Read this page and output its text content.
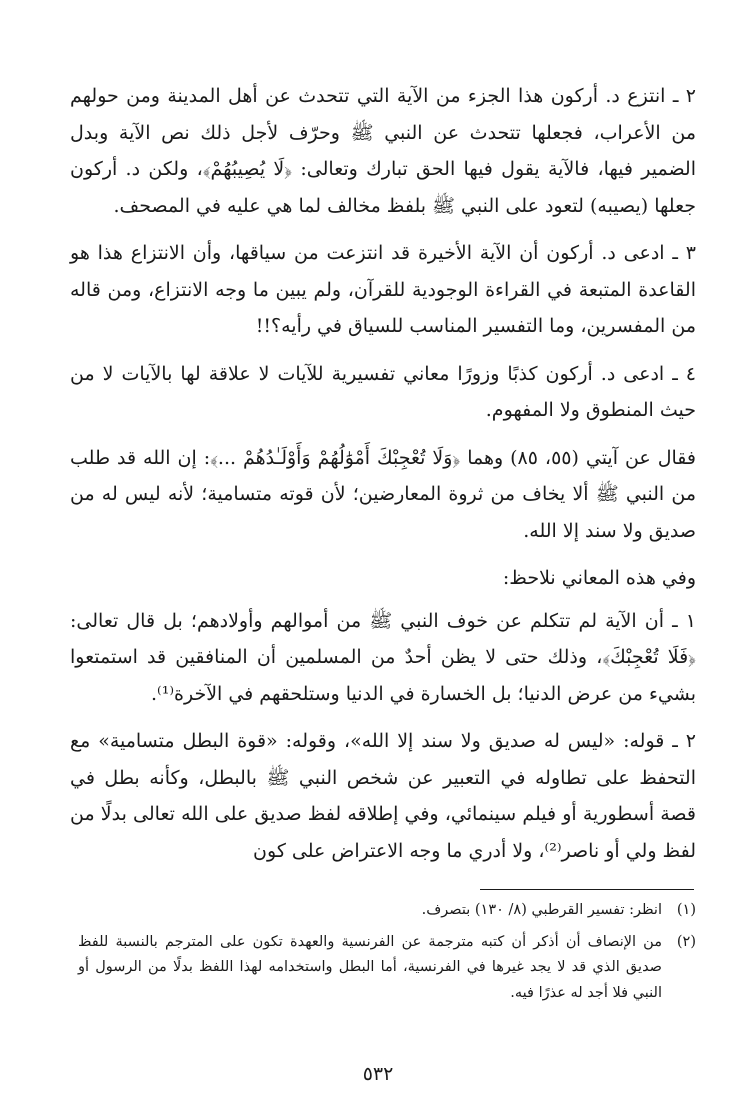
٢ ـ انتزع د. أركون هذا الجزء من الآية التي تتحدث عن أهل المدينة ومن حولهم من الأعراب، فجعلها تتحدث عن النبي ﷺ وحرّف لأجل ذلك نص الآية وبدل الضمير فيها، فالآية يقول فيها الحق تبارك وتعالى: ﴿لَا يُصِيبُهُمْ﴾، ولكن د. أركون جعلها (يصيبه) لتعود على النبي ﷺ بلفظ مخالف لما هي عليه في المصحف.

٣ ـ ادعى د. أركون أن الآية الأخيرة قد انتزعت من سياقها، وأن الانتزاع هذا هو القاعدة المتبعة في القراءة الوجودية للقرآن، ولم يبين ما وجه الانتزاع، ومن قاله من المفسرين، وما التفسير المناسب للسياق في رأيه؟!!

٤ ـ ادعى د. أركون كذبًا وزورًا معاني تفسيرية للآيات لا علاقة لها بالآيات لا من حيث المنطوق ولا المفهوم.

فقال عن آيتي (٥٥، ٨٥) وهما ﴿وَلَا تُعْجِبْكَ أَمْوَٰلُهُمْ وَأَوْلَـٰدُهُمْ ...﴾: إن الله قد طلب من النبي ﷺ ألا يخاف من ثروة المعارضين؛ لأن قوته متسامية؛ لأنه ليس له من صديق ولا سند إلا الله.

وفي هذه المعاني نلاحظ:

١ ـ أن الآية لم تتكلم عن خوف النبي ﷺ من أموالهم وأولادهم؛ بل قال تعالى: ﴿فَلَا تُعْجِبْكَ﴾، وذلك حتى لا يظن أحدٌ من المسلمين أن المنافقين قد استمتعوا بشيء من عرض الدنيا؛ بل الخسارة في الدنيا وستلحقهم في الآخرة⁽¹⁾.

٢ ـ قوله: «ليس له صديق ولا سند إلا الله»، وقوله: «قوة البطل متسامية» مع التحفظ على تطاوله في التعبير عن شخص النبي ﷺ بالبطل، وكأنه بطل في قصة أسطورية أو فيلم سينمائي، وفي إطلاقه لفظ صديق على الله تعالى بدلًا من لفظ ولي أو ناصر⁽²⁾، ولا أدري ما وجه الاعتراض على كون

(١)
انظر: تفسير القرطبي (٨/ ١٣٠) بتصرف.
(٢)
من الإنصاف أن أذكر أن كتبه مترجمة عن الفرنسية والعهدة تكون على المترجم بالنسبة للفظ صديق الذي قد لا يجد غيرها في الفرنسية، أما البطل واستخدامه لهذا اللفظ بدلًا من الرسول أو النبي فلا أجد له عذرًا فيه.
٥٣٢
